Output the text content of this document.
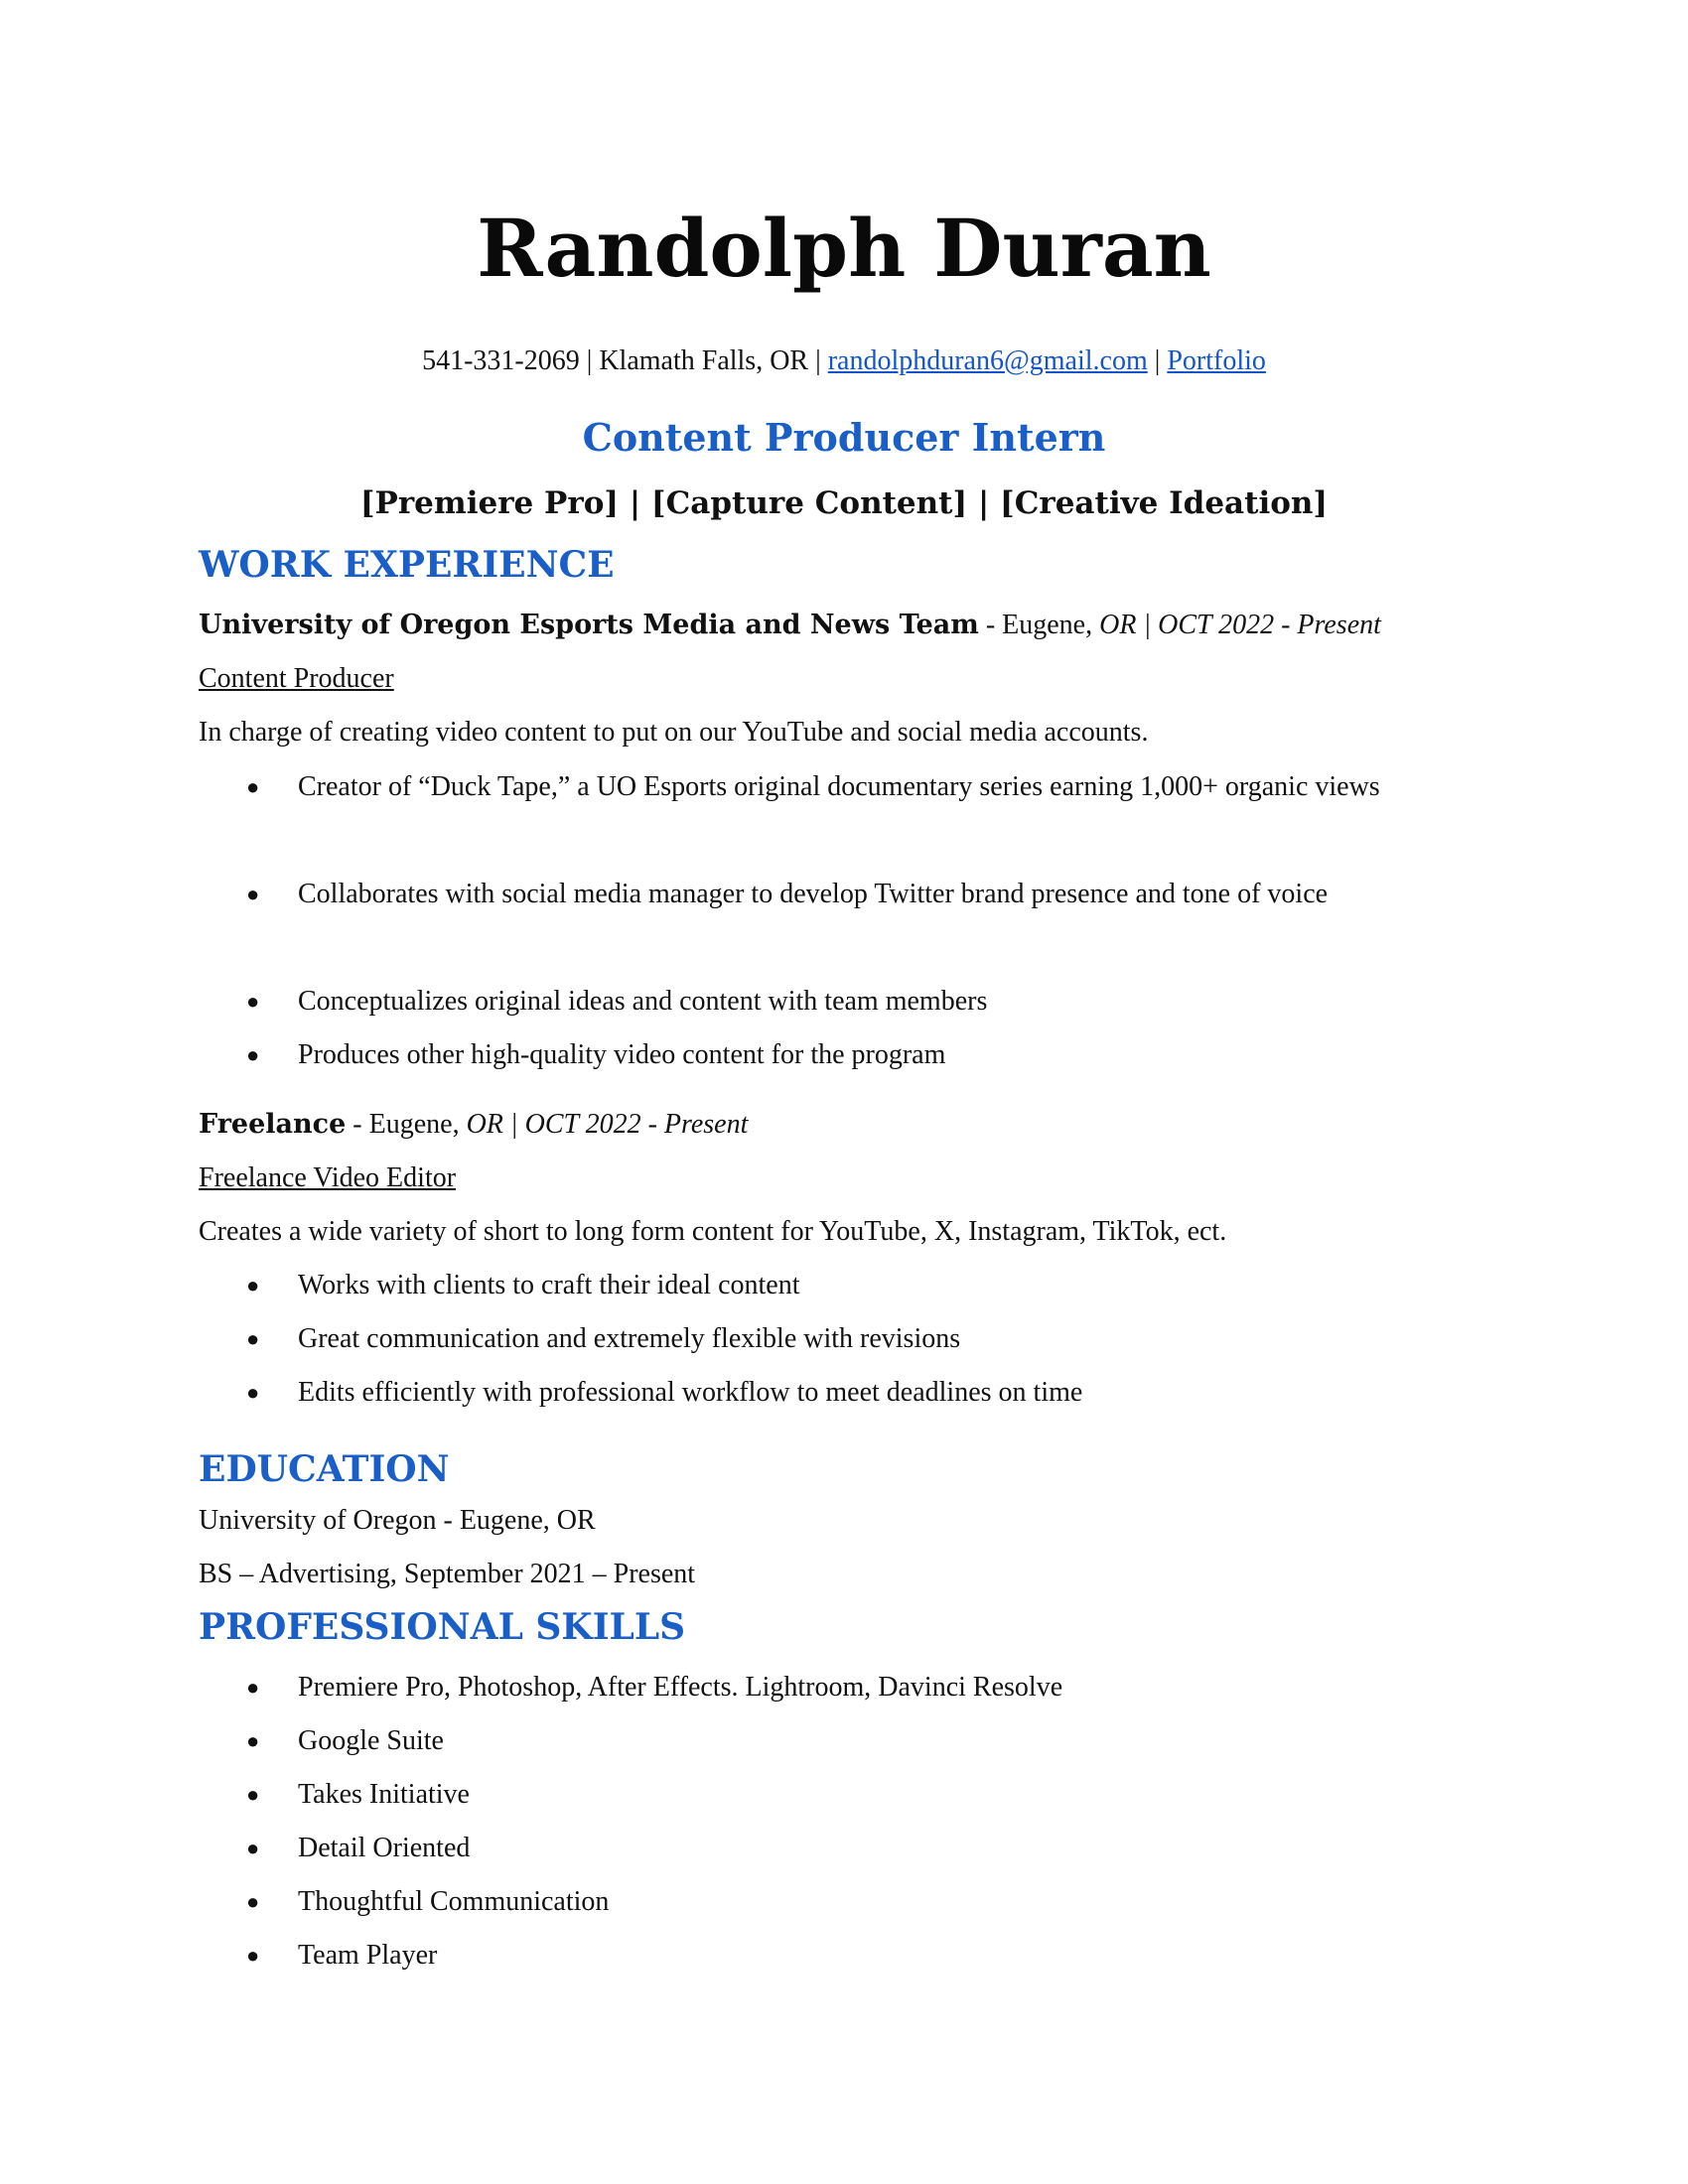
Randolph Duran
541-331-2069 | Klamath Falls, OR | randolphduran6@gmail.com | Portfolio
Content Producer Intern
[Premiere Pro] | [Capture Content] | [Creative Ideation]
WORK EXPERIENCE
University of Oregon Esports Media and News Team - Eugene, OR | OCT 2022 - Present
Content Producer
In charge of creating video content to put on our YouTube and social media accounts.
● Creator of “Duck Tape,” a UO Esports original documentary series earning 1,000+ organic views
● Collaborates with social media manager to develop Twitter brand presence and tone of voice
● Conceptualizes original ideas and content with team members
● Produces other high-quality video content for the program
Freelance - Eugene, OR | OCT 2022 - Present
Freelance Video Editor
Creates a wide variety of short to long form content for YouTube, X, Instagram, TikTok, ect.
● Works with clients to craft their ideal content
● Great communication and extremely flexible with revisions
● Edits efficiently with professional workflow to meet deadlines on time
EDUCATION
University of Oregon - Eugene, OR
BS – Advertising, September 2021 – Present
PROFESSIONAL SKILLS
● Premiere Pro, Photoshop, After Effects. Lightroom, Davinci Resolve
● Google Suite
● Takes Initiative
● Detail Oriented
● Thoughtful Communication
● Team Player
